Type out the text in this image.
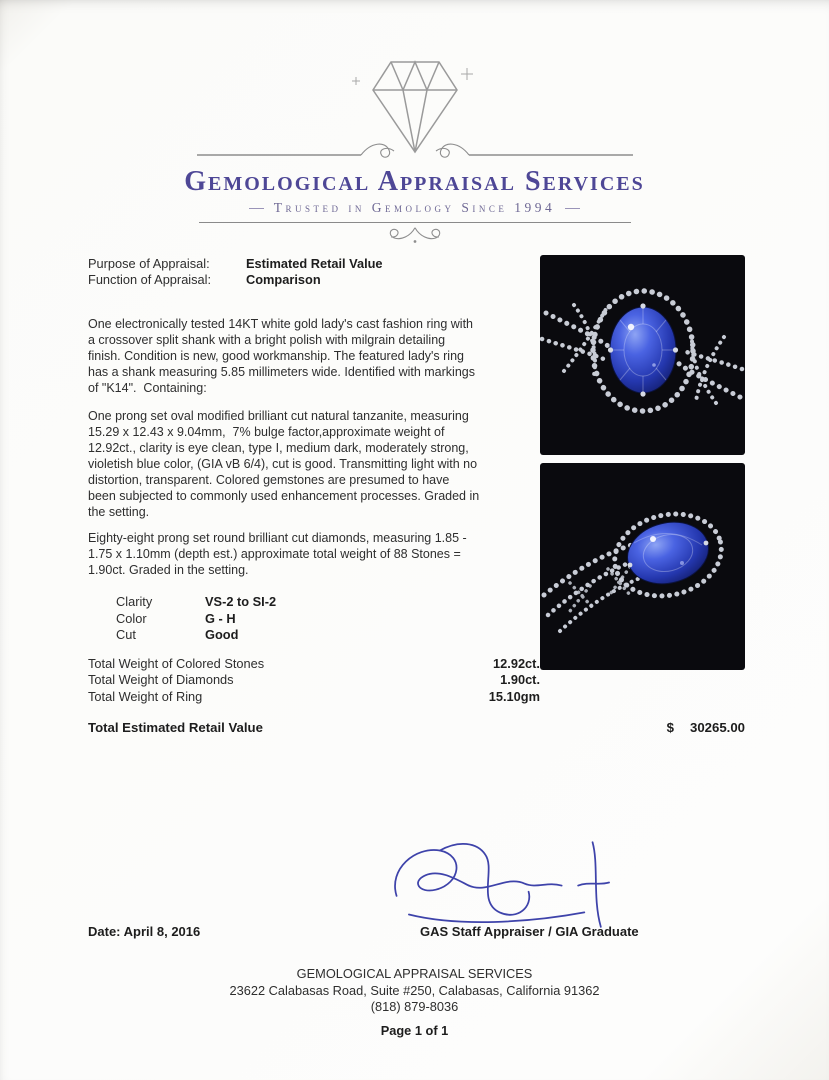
Gemological Appraisal Services
Trusted in Gemology Since 1994
Purpose of Appraisal:	Estimated Retail Value
Function of Appraisal:	Comparison

One electronically tested 14KT white gold lady's cast fashion ring with a crossover split shank with a bright polish with milgrain detailing finish. Condition is new, good workmanship. The featured lady's ring has a shank measuring 5.85 millimeters wide. Identified with markings of "K14".  Containing:

One prong set oval modified brilliant cut natural tanzanite, measuring 15.29 x 12.43 x 9.04mm,  7% bulge factor,approximate weight of 12.92ct., clarity is eye clean, type I, medium dark, moderately strong, violetish blue color, (GIA vB 6/4), cut is good. Transmitting light with no distortion, transparent. Colored gemstones are presumed to have been subjected to commonly used enhancement processes. Graded in the setting.

Eighty-eight prong set round brilliant cut diamonds, measuring 1.85 - 1.75 x 1.10mm (depth est.) approximate total weight of 88 Stones = 1.90ct. Graded in the setting.

Clarity	VS-2 to SI-2
Color	G - H
Cut	Good
Total Weight of Colored Stones	12.92ct.
Total Weight of Diamonds	1.90ct.
Total Weight of Ring	15.10gm
Total Estimated Retail Value	$ 30265.00
Date: April 8, 2016	GAS Staff Appraiser / GIA Graduate
GEMOLOGICAL APPRAISAL SERVICES
23622 Calabasas Road, Suite #250, Calabasas, California 91362
(818) 879-8036
Page 1 of 1
